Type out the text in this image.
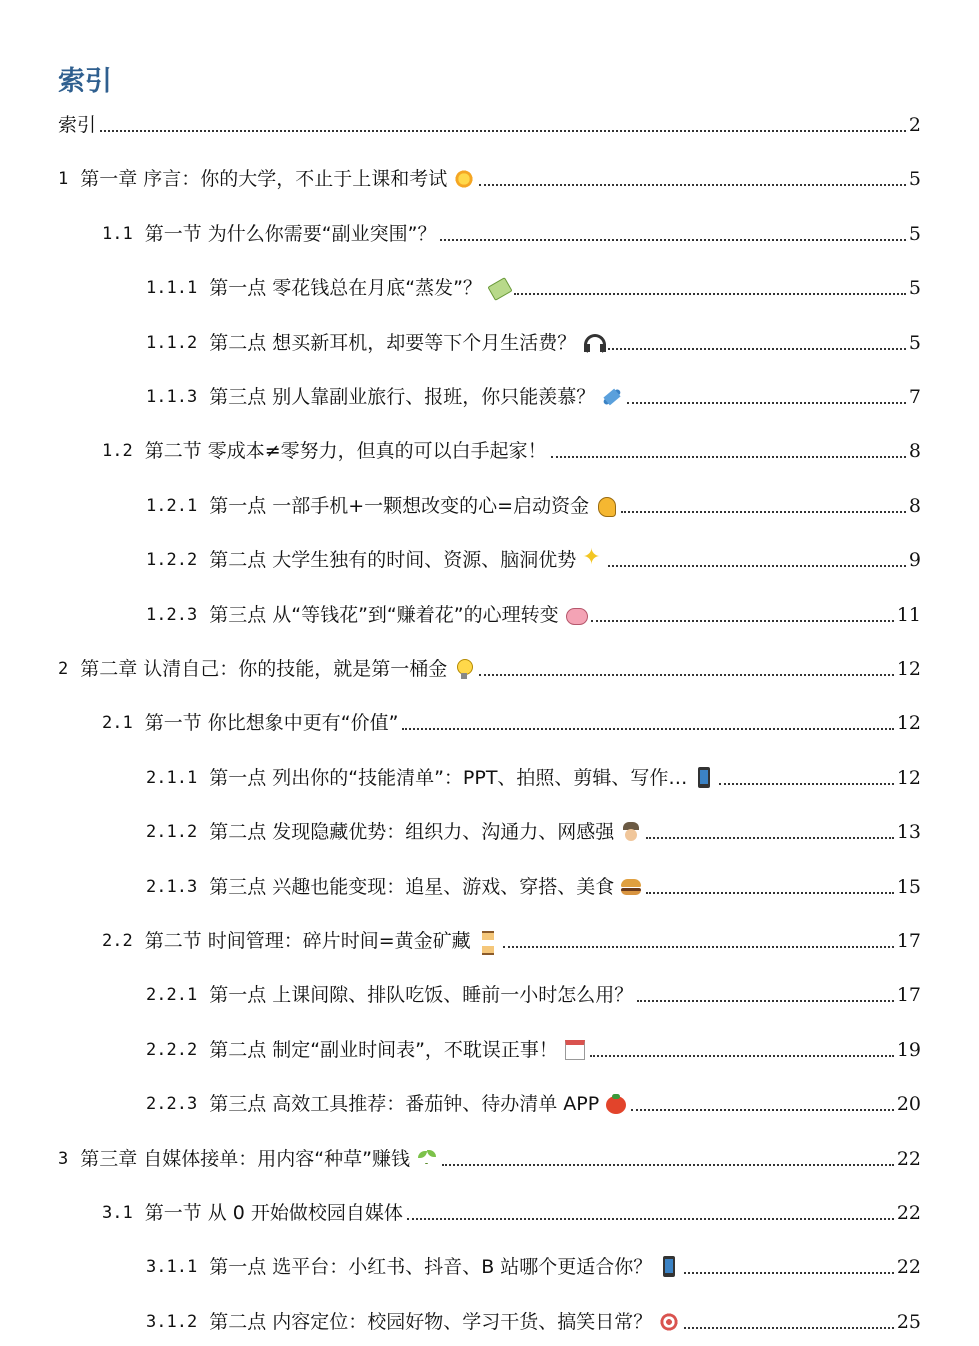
索引
索引	2
1 第一章 序言：你的大学，不止于上课和考试	5
1.1 第一节 为什么你需要“副业突围”？	5
1.1.1 第一点 零花钱总在月底“蒸发”？	5
1.1.2 第二点 想买新耳机，却要等下个月生活费？	5
1.1.3 第三点 别人靠副业旅行、报班，你只能羡慕？	7
1.2 第二节 零成本≠零努力，但真的可以白手起家！	8
1.2.1 第一点 一部手机+一颗想改变的心=启动资金	8
1.2.2 第二点 大学生独有的时间、资源、脑洞优势 ✦	9
1.2.3 第三点 从“等钱花”到“赚着花”的心理转变	11
2 第二章 认清自己：你的技能，就是第一桶金	12
2.1 第一节 你比想象中更有“价值”	12
2.1.1 第一点 列出你的“技能清单”：PPT、拍照、剪辑、写作…	12
2.1.2 第二点 发现隐藏优势：组织力、沟通力、网感强	13
2.1.3 第三点 兴趣也能变现：追星、游戏、穿搭、美食	15
2.2 第二节 时间管理：碎片时间=黄金矿藏	17
2.2.1 第一点 上课间隙、排队吃饭、睡前一小时怎么用？	17
2.2.2 第二点 制定“副业时间表”，不耽误正事！	19
2.2.3 第三点 高效工具推荐：番茄钟、待办清单 APP	20
3 第三章 自媒体接单：用内容“种草”赚钱	22
3.1 第一节 从 0 开始做校园自媒体	22
3.1.1 第一点 选平台：小红书、抖音、B 站哪个更适合你？	22
3.1.2 第二点 内容定位：校园好物、学习干货、搞笑日常？	25
